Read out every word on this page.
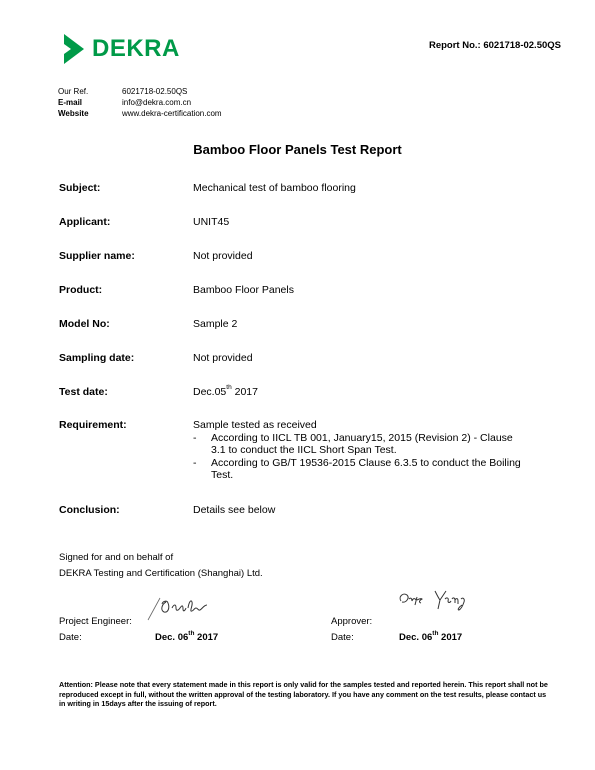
DEKRA	Report No.: 6021718-02.50QS
Our Ref.	6021718-02.50QS
E-mail	info@dekra.com.cn
Website	www.dekra-certification.com
Bamboo Floor Panels Test Report
Subject:	Mechanical test of bamboo flooring
Applicant:	UNIT45
Supplier name:	Not provided
Product:	Bamboo Floor Panels
Model No:	Sample 2
Sampling date:	Not provided
Test date:	Dec.05th 2017
Requirement:	Sample tested as received
-	According to IICL TB 001, January15, 2015 (Revision 2) - Clause 3.1 to conduct the IICL Short Span Test.
-	According to GB/T 19536-2015 Clause 6.3.5 to conduct the Boiling Test.
Conclusion:	Details see below
Signed for and on behalf of
DEKRA Testing and Certification (Shanghai) Ltd.
Project Engineer:	Approver:
Date:	Dec. 06th 2017	Date:	Dec. 06th 2017
Attention: Please note that every statement made in this report is only valid for the samples tested and reported herein. This report shall not be reproduced except in full, without the written approval of the testing laboratory. If you have any comment on the test results, please contact us in writing in 15days after the issuing of report.
